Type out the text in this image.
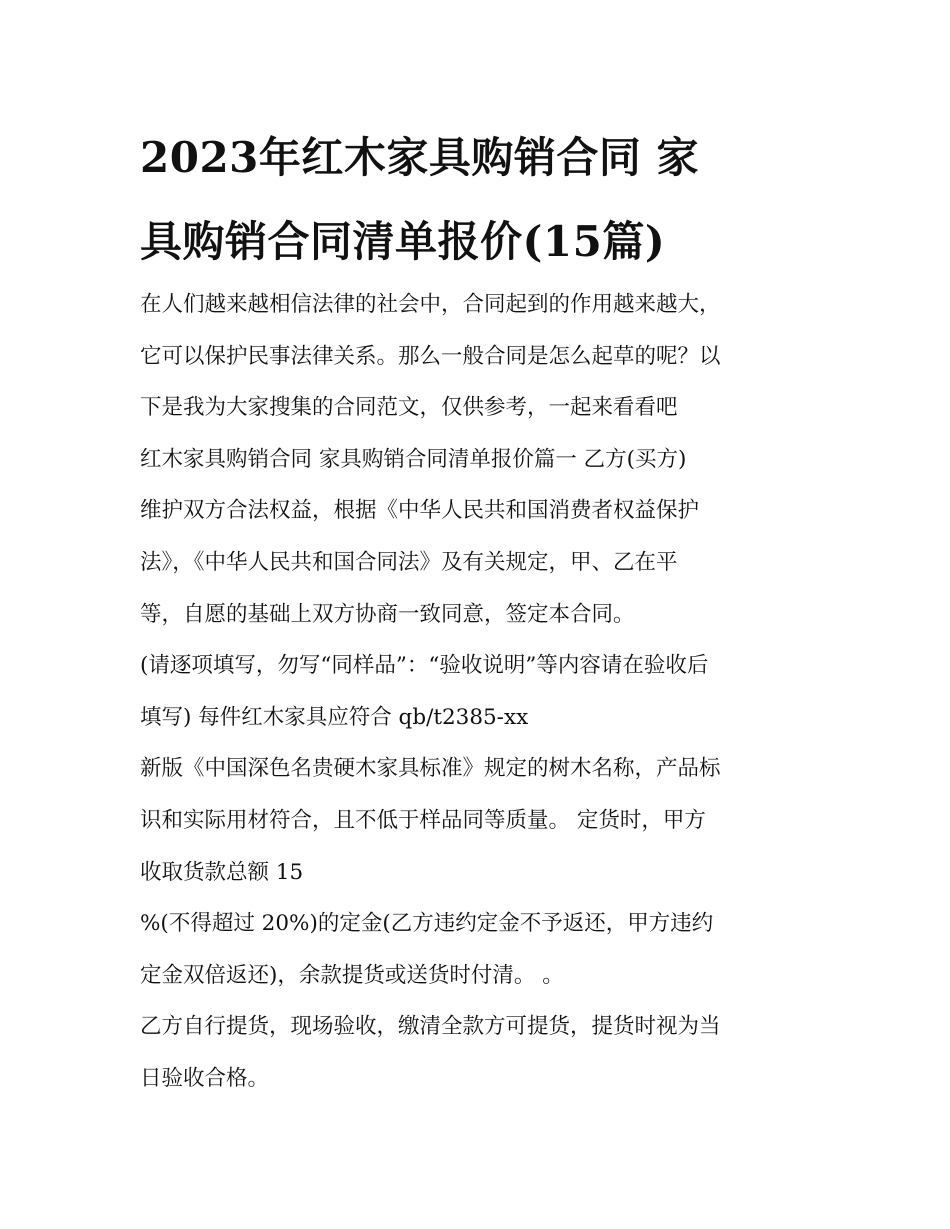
2023年红木家具购销合同 家
具购销合同清单报价(15篇)
在人们越来越相信法律的社会中，合同起到的作用越来越大，
它可以保护民事法律关系。那么一般合同是怎么起草的呢？以
下是我为大家搜集的合同范文，仅供参考，一起来看看吧
红木家具购销合同 家具购销合同清单报价篇一 乙方(买方)
维护双方合法权益，根据《中华人民共和国消费者权益保护
法》，《中华人民共和国合同法》及有关规定，甲、乙在平
等，自愿的基础上双方协商一致同意，签定本合同。
(请逐项填写，勿写“同样品”：“验收说明”等内容请在验收后
填写) 每件红木家具应符合 qb/t2385-xx
新版《中国深色名贵硬木家具标准》规定的树木名称，产品标
识和实际用材符合，且不低于样品同等质量。 定货时，甲方
收取货款总额 15
%(不得超过 20%)的定金(乙方违约定金不予返还，甲方违约
定金双倍返还)，余款提货或送货时付清。 。
乙方自行提货，现场验收，缴清全款方可提货，提货时视为当
日验收合格。
